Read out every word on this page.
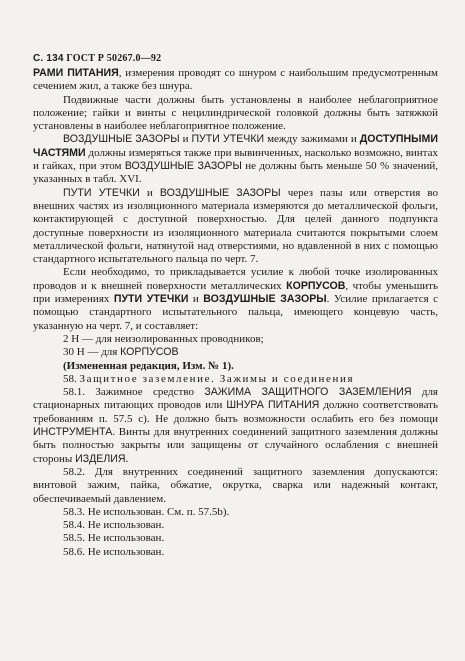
С. 134 ГОСТ Р 50267.0—92

РАМИ ПИТАНИЯ, измерения проводят со шнуром с наибольшим предусмотренным сечением жил, а также без шнура.

Подвижные части должны быть установлены в наиболее неблагоприятное положение; гайки и винты с нецилиндрической головкой должны быть затяжкой установлены в наиболее неблагоприятное положение.

ВОЗДУШНЫЕ ЗАЗОРЫ и ПУТИ УТЕЧКИ между зажимами и ДОСТУПНЫМИ ЧАСТЯМИ должны измеряться также при вывинченных, насколько возможно, винтах и гайках, при этом ВОЗДУШНЫЕ ЗАЗОРЫ не должны быть меньше 50 % значений, указанных в табл. XVI.

ПУТИ УТЕЧКИ и ВОЗДУШНЫЕ ЗАЗОРЫ через пазы или отверстия во внешних частях из изоляционного материала измеряются до металлической фольги, контактирующей с доступной поверхностью. Для целей данного подпункта доступные поверхности из изоляционного материала считаются покрытыми слоем металлической фольги, натянутой над отверстиями, но вдавленной в них с помощью стандартного испытательного пальца по черт. 7.

Если необходимо, то прикладывается усилие к любой точке изолированных проводов и к внешней поверхности металлических КОРПУСОВ, чтобы уменьшить при измерениях ПУТИ УТЕЧКИ и ВОЗДУШНЫЕ ЗАЗОРЫ. Усилие прилагается с помощью стандартного испытательного пальца, имеющего концевую часть, указанную на черт. 7, и составляет:

2 Н — для неизолированных проводников;

30 Н — для КОРПУСОВ

(Измененная редакция, Изм. № 1).

58. Защитное заземление. Зажимы и соединения

58.1. Зажимное средство ЗАЖИМА ЗАЩИТНОГО ЗАЗЕМЛЕНИЯ для стационарных питающих проводов или ШНУРА ПИТАНИЯ должно соответствовать требованиям п. 57.5 с). Не должно быть возможности ослабить его без помощи ИНСТРУМЕНТА. Винты для внутренних соединений защитного заземления должны быть полностью закрыты или защищены от случайного ослабления с внешней стороны ИЗДЕЛИЯ.

58.2. Для внутренних соединений защитного заземления допускаются: винтовой зажим, пайка, обжатие, окрутка, сварка или надежный контакт, обеспечиваемый давлением.

58.3. Не использован. См. п. 57.5b).

58.4. Не использован.

58.5. Не использован.

58.6. Не использован.
